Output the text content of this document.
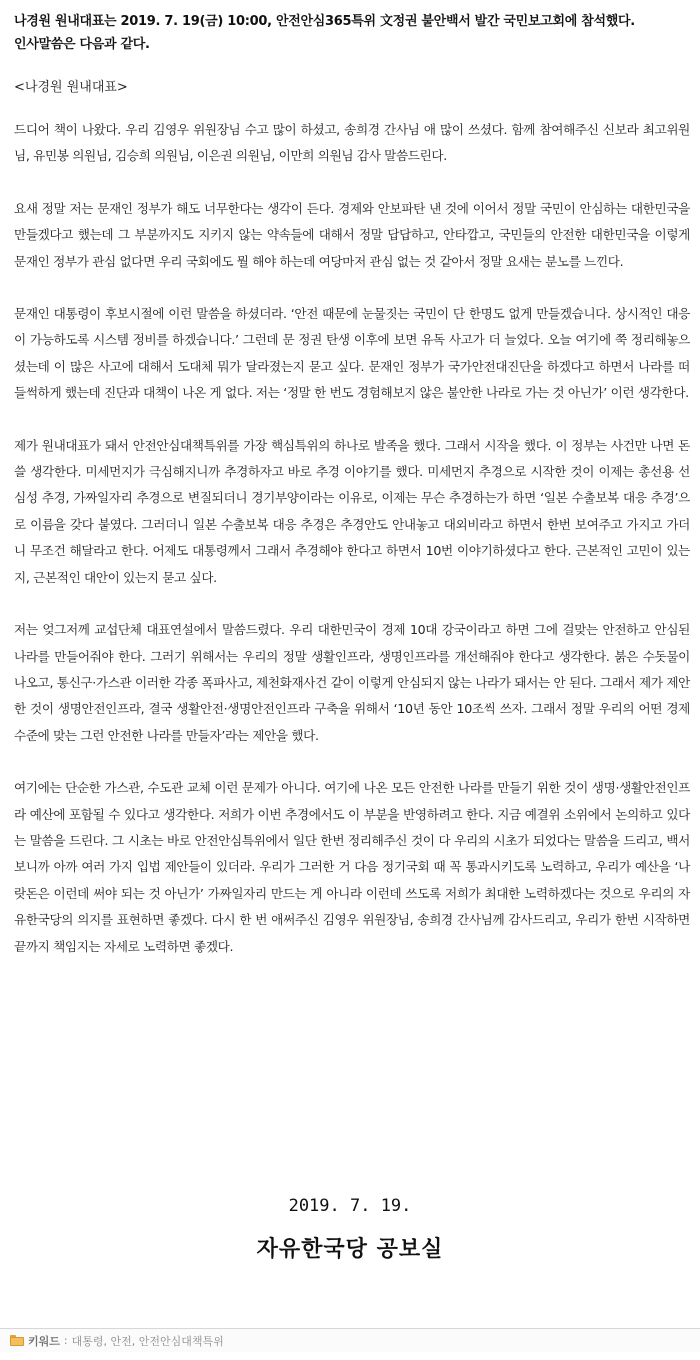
나경원 원내대표는 2019. 7. 19(금) 10:00, 안전안심365특위 文정권 불안백서 발간 국민보고회에 참석했다.
인사말씀은 다음과 같다.
<나경원 원내대표>

드디어 책이 나왔다. 우리 김영우 위원장님 수고 많이 하셨고, 송희경 간사님 애 많이 쓰셨다. 함께 참여해주신 신보라 최고위원님, 유민봉 의원님, 김승희 의원님, 이은권 의원님, 이만희 의원님 감사 말씀드린다.

요새 정말 저는 문재인 정부가 해도 너무한다는 생각이 든다. 경제와 안보파탄 낸 것에 이어서 정말 국민이 안심하는 대한민국을 만들겠다고 했는데 그 부분까지도 지키지 않는 약속들에 대해서 정말 답답하고, 안타깝고, 국민들의 안전한 대한민국을 이렇게 문재인 정부가 관심 없다면 우리 국회에도 뭘 해야 하는데 여당마저 관심 없는 것 같아서 정말 요새는 분노를 느낀다.

문재인 대통령이 후보시절에 이런 말씀을 하셨더라. ‘안전 때문에 눈물짓는 국민이 단 한명도 없게 만들겠습니다. 상시적인 대응이 가능하도록 시스템 정비를 하겠습니다.’ 그런데 문 정권 탄생 이후에 보면 유독 사고가 더 늘었다. 오늘 여기에 쭉 정리해놓으셨는데 이 많은 사고에 대해서 도대체 뭐가 달라졌는지 묻고 싶다. 문재인 정부가 국가안전대진단을 하겠다고 하면서 나라를 떠들썩하게 했는데 진단과 대책이 나온 게 없다. 저는 ‘정말 한 번도 경험해보지 않은 불안한 나라로 가는 것 아닌가’ 이런 생각한다.

제가 원내대표가 돼서 안전안심대책특위를 가장 핵심특위의 하나로 발족을 했다. 그래서 시작을 했다. 이 정부는 사건만 나면 돈 쓸 생각한다. 미세먼지가 극심해지니까 추경하자고 바로 추경 이야기를 했다. 미세먼지 추경으로 시작한 것이 이제는 총선용 선심성 추경, 가짜일자리 추경으로 변질되더니 경기부양이라는 이유로, 이제는 무슨 추경하는가 하면 ‘일본 수출보복 대응 추경’으로 이름을 갖다 붙였다. 그러더니 일본 수출보복 대응 추경은 추경안도 안내놓고 대외비라고 하면서 한번 보여주고 가지고 가더니 무조건 해달라고 한다. 어제도 대통령께서 그래서 추경해야 한다고 하면서 10번 이야기하셨다고 한다. 근본적인 고민이 있는지, 근본적인 대안이 있는지 묻고 싶다.

저는 엊그저께 교섭단체 대표연설에서 말씀드렸다. 우리 대한민국이 경제 10대 강국이라고 하면 그에 걸맞는 안전하고 안심된 나라를 만들어줘야 한다. 그러기 위해서는 우리의 정말 생활인프라, 생명인프라를 개선해줘야 한다고 생각한다. 붉은 수돗물이 나오고, 통신구·가스관 이러한 각종 폭파사고, 제천화재사건 같이 이렇게 안심되지 않는 나라가 돼서는 안 된다. 그래서 제가 제안한 것이 생명안전인프라, 결국 생활안전·생명안전인프라 구축을 위해서 ‘10년 동안 10조씩 쓰자. 그래서 정말 우리의 어떤 경제수준에 맞는 그런 안전한 나라를 만들자’라는 제안을 했다.

여기에는 단순한 가스관, 수도관 교체 이런 문제가 아니다. 여기에 나온 모든 안전한 나라를 만들기 위한 것이 생명·생활안전인프라 예산에 포함될 수 있다고 생각한다. 저희가 이번 추경에서도 이 부분을 반영하려고 한다. 지금 예결위 소위에서 논의하고 있다는 말씀을 드린다. 그 시초는 바로 안전안심특위에서 일단 한번 정리해주신 것이 다 우리의 시초가 되었다는 말씀을 드리고, 백서 보니까 아까 여러 가지 입법 제안들이 있더라. 우리가 그러한 거 다음 정기국회 때 꼭 통과시키도록 노력하고, 우리가 예산을 ‘나랏돈은 이런데 써야 되는 것 아닌가’ 가짜일자리 만드는 게 아니라 이런데 쓰도록 저희가 최대한 노력하겠다는 것으로 우리의 자유한국당의 의지를 표현하면 좋겠다. 다시 한 번 애써주신 김영우 위원장님, 송희경 간사님께 감사드리고, 우리가 한번 시작하면 끝까지 책임지는 자세로 노력하면 좋겠다.

2019. 7. 19.
자유한국당 공보실
키워드 : 대통령, 안전, 안전안심대책특위
